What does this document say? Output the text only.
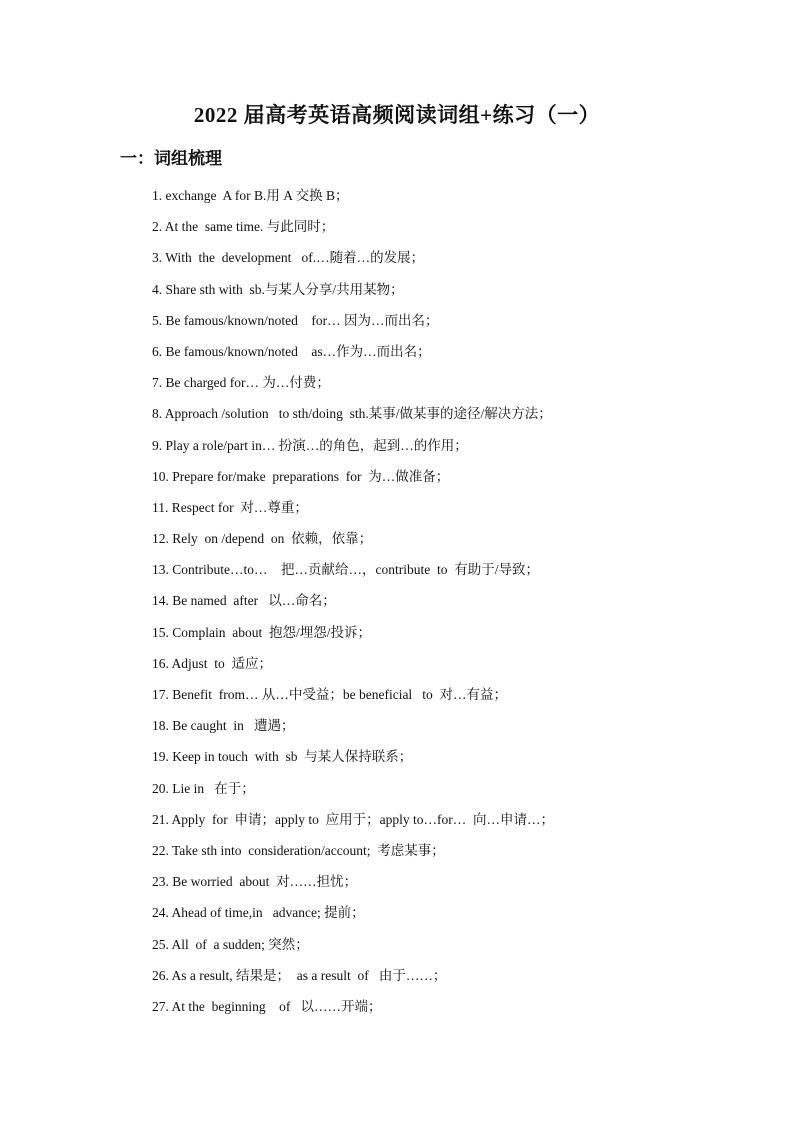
2022 届高考英语高频阅读词组+练习（一）
一：词组梳理
1. exchange  A for B.用 A 交换 B；
2. At the  same time. 与此同时；
3. With  the  development   of.…随着…的发展；
4. Share sth with  sb.与某人分享/共用某物；
5. Be famous/known/noted    for… 因为…而出名；
6. Be famous/known/noted    as…作为…而出名；
7. Be charged for… 为…付费；
8. Approach /solution   to sth/doing  sth.某事/做某事的途径/解决方法；
9. Play a role/part in… 扮演…的角色，起到…的作用；
10. Prepare for/make  preparations  for  为…做准备；
11. Respect for  对…尊重；
12. Rely  on /depend  on  依赖，依靠；
13. Contribute…to…    把…贡献给…，contribute  to  有助于/导致；
14. Be named  after   以…命名；
15. Complain  about  抱怨/埋怨/投诉；
16. Adjust  to  适应；
17. Benefit  from… 从…中受益；be beneficial   to  对…有益；
18. Be caught  in   遭遇；
19. Keep in touch  with  sb  与某人保持联系；
20. Lie in   在于；
21. Apply  for  申请；apply to  应用于；apply to…for…  向…申请…；
22. Take sth into  consideration/account;  考虑某事；
23. Be worried  about  对……担忧；
24. Ahead of time,in   advance; 提前；
25. All  of  a sudden; 突然；
26. As a result, 结果是；  as a result  of   由于……；
27. At the  beginning    of   以……开端；
